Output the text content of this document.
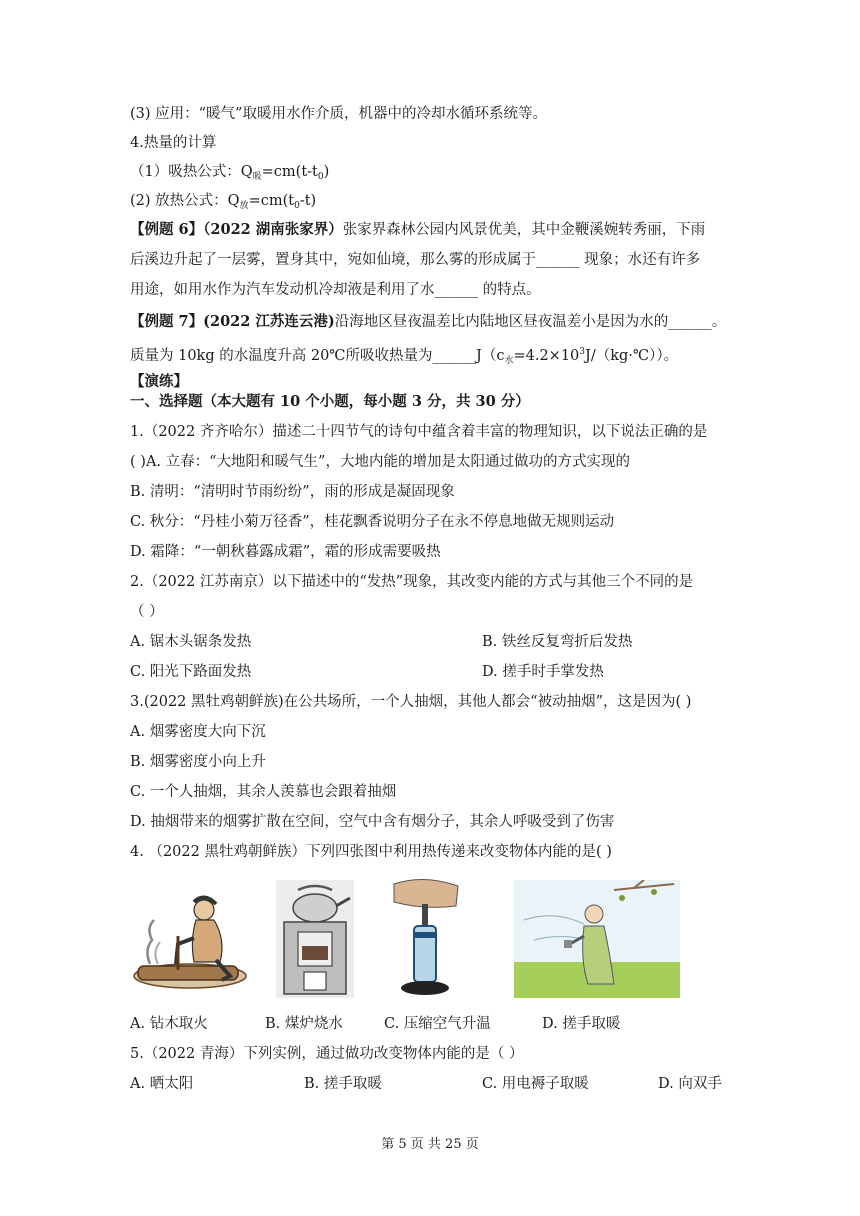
(3) 应用：“暖气”取暖用水作介质，机器中的冷却水循环系统等。
4.热量的计算
（1）吸热公式：$Q_吸=cm(t-t_0)$
(2) 放热公式：$Q_放=cm(t_0-t)$
【例题 6】（2022 湖南张家界）张家界森林公园内风景优美，其中金鞭溪婉转秀丽，下雨
后溪边升起了一层雾，置身其中，宛如仙境，那么雾的形成属于______ 现象；水还有许多
用途，如用水作为汽车发动机冷却液是利用了水______ 的特点。
【例题 7】(2022 江苏连云港)沿海地区昼夜温差比内陆地区昼夜温差小是因为水的______。
质量为 10kg 的水温度升高 20℃所吸收热量为$\_\_\_\_\_\_J(c_水=4.2\times 10^3J/(kg\cdot℃))$。
【演练】
一、选择题（本大题有 10 个小题，每小题 3 分，共 30 分）
1.（2022 齐齐哈尔）描述二十四节气的诗句中蕴含着丰富的物理知识，以下说法正确的是
( )A. 立春：“大地阳和暖气生”，大地内能的增加是太阳通过做功的方式实现的
B. 清明：“清明时节雨纷纷”，雨的形成是凝固现象
C. 秋分：“丹桂小菊万径香”，桂花飘香说明分子在永不停息地做无规则运动
D. 霜降：“一朝秋暮露成霜”，霜的形成需要吸热
2.（2022 江苏南京）以下描述中的“发热”现象，其改变内能的方式与其他三个不同的是
（ ）
A. 锯木头锯条发热	B. 铁丝反复弯折后发热
C. 阳光下路面发热	D. 搓手时手掌发热
3.(2022 黑牡鸡朝鲜族)在公共场所，一个人抽烟，其他人都会“被动抽烟”，这是因为( )
A. 烟雾密度大向下沉
B. 烟雾密度小向上升
C. 一个人抽烟，其余人羡慕也会跟着抽烟
D. 抽烟带来的烟雾扩散在空间，空气中含有烟分子，其余人呼吸受到了伤害
4. （2022 黑牡鸡朝鲜族）下列四张图中利用热传递来改变物体内能的是( )
A. 钻木取火	B. 煤炉烧水	C. 压缩空气升温	D. 搓手取暖
5.（2022 青海）下列实例，通过做功改变物体内能的是（ ）
A. 晒太阳	B. 搓手取暖	C. 用电褥子取暖	D. 向双手
第 5 页 共 25 页
